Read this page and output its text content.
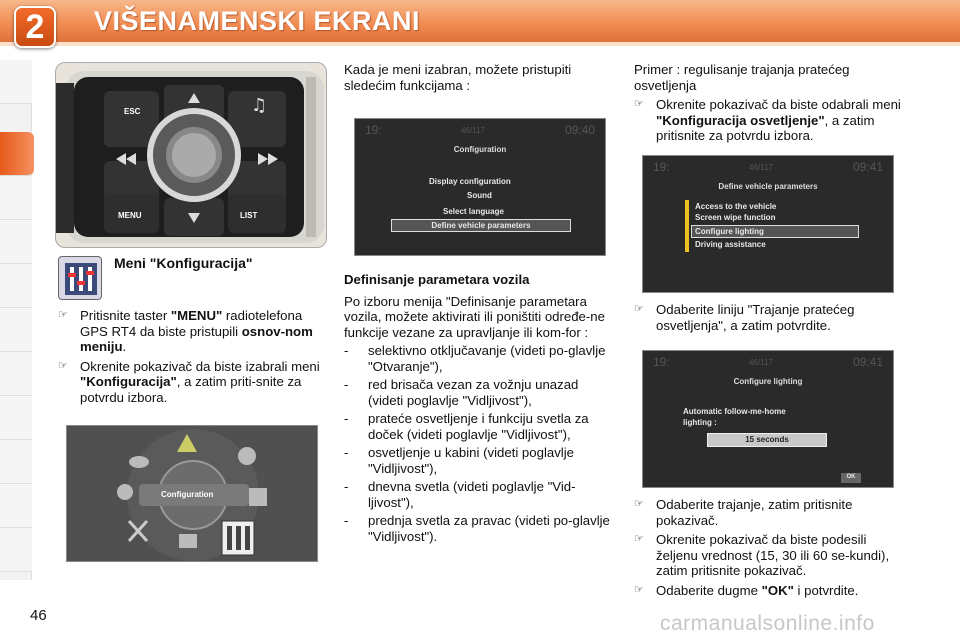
2	VIŠENAMENSKI EKRANI
♫
ESC
MENU	LIST
Meni "Konfiguracija"

☞ Pritisnite taster "MENU" radiotelefona GPS RT4 da biste pristupili osnov-nom meniju.

☞ Okrenite pokazivač da biste izabrali meni "Konfiguracija", a zatim priti-snite za potvrdu izbora.

Configuration

Kada je meni izabran, možete pristupiti sledećim funkcijama :

19:	46/117	09:40
Configuration
Display configuration
Sound
Select language
Define vehicle parameters

Definisanje parametara vozila

Po izboru menija "Definisanje parametara vozila, možete aktivirati ili poništiti određe-ne funkcije vezane za upravljanje ili kom-for :

- selektivno otključavanje (videti po-glavlje "Otvaranje"),

- red brisača vezan za vožnju unazad (videti poglavlje "Vidljivost"),

- prateće osvetljenje i funkciju svetla za doček (videti poglavlje "Vidljivost"),

- osvetljenje u kabini (videti poglavlje "Vidljivost"),

- dnevna svetla (videti poglavlje "Vid-ljivost"),

- prednja svetla za pravac (videti po-glavlje "Vidljivost").

Primer : regulisanje trajanja pratećeg osvetljenja

☞ Okrenite pokazivač da biste odabrali meni "Konfiguracija osvetljenje", a zatim pritisnite za potvrdu izbora.

19:	46/117	09:41
Define vehicle parameters
Access to the vehicle
Screen wipe function
Configure lighting
Driving assistance

☞ Odaberite liniju "Trajanje pratećeg osvetljenja", a zatim potvrdite.

19:	46/117	09:41
Configure lighting
Automatic follow-me-home
lighting :
15 seconds
OK

☞ Odaberite trajanje, zatim pritisnite pokazivač.

☞ Okrenite pokazivač da biste podesili željenu vrednost (15, 30 ili 60 se-kundi), zatim pritisnite pokazivač.

☞ Odaberite dugme "OK" i potvrdite.

46	carmanualsonline.info
